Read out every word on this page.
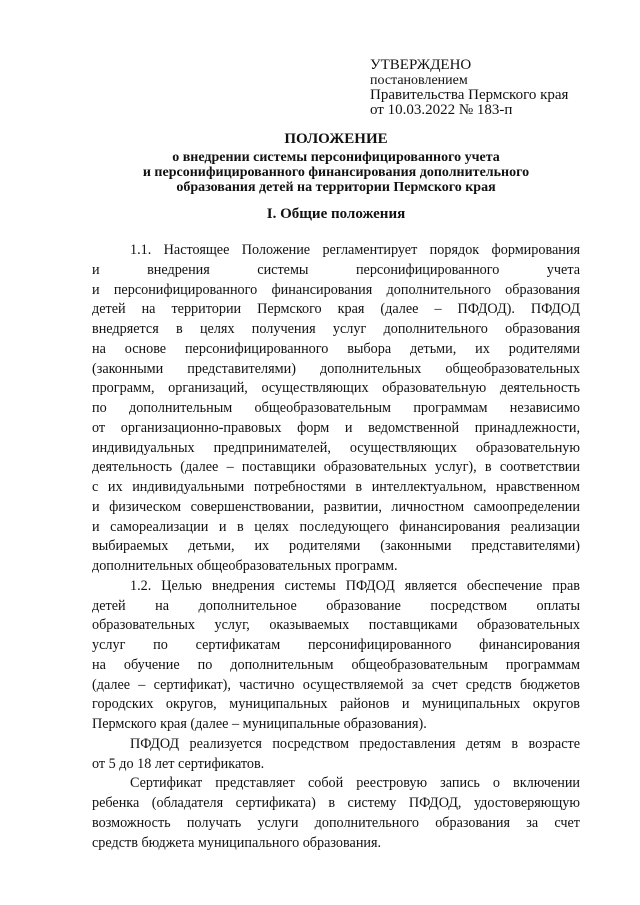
УТВЕРЖДЕНО
постановлением
Правительства Пермского края
от 10.03.2022 № 183-п
ПОЛОЖЕНИЕ
о внедрении системы персонифицированного учета
и персонифицированного финансирования дополнительного
образования детей на территории Пермского края
I. Общие положения
1.1. Настоящее Положение регламентирует порядок формирования
и внедрения системы персонифицированного учета
и персонифицированного финансирования дополнительного образования
детей на территории Пермского края (далее – ПФДОД). ПФДОД
внедряется в целях получения услуг дополнительного образования
на основе персонифицированного выбора детьми, их родителями
(законными представителями) дополнительных общеобразовательных
программ, организаций, осуществляющих образовательную деятельность
по дополнительным общеобразовательным программам независимо
от организационно-правовых форм и ведомственной принадлежности,
индивидуальных предпринимателей, осуществляющих образовательную
деятельность (далее – поставщики образовательных услуг), в соответствии
с их индивидуальными потребностями в интеллектуальном, нравственном
и физическом совершенствовании, развитии, личностном самоопределении
и самореализации и в целях последующего финансирования реализации
выбираемых детьми, их родителями (законными представителями)
дополнительных общеобразовательных программ.
1.2. Целью внедрения системы ПФДОД является обеспечение прав
детей на дополнительное образование посредством оплаты
образовательных услуг, оказываемых поставщиками образовательных
услуг по сертификатам персонифицированного финансирования
на обучение по дополнительным общеобразовательным программам
(далее – сертификат), частично осуществляемой за счет средств бюджетов
городских округов, муниципальных районов и муниципальных округов
Пермского края (далее – муниципальные образования).
ПФДОД реализуется посредством предоставления детям в возрасте
от 5 до 18 лет сертификатов.
Сертификат представляет собой реестровую запись о включении
ребенка (обладателя сертификата) в систему ПФДОД, удостоверяющую
возможность получать услуги дополнительного образования за счет
средств бюджета муниципального образования.
